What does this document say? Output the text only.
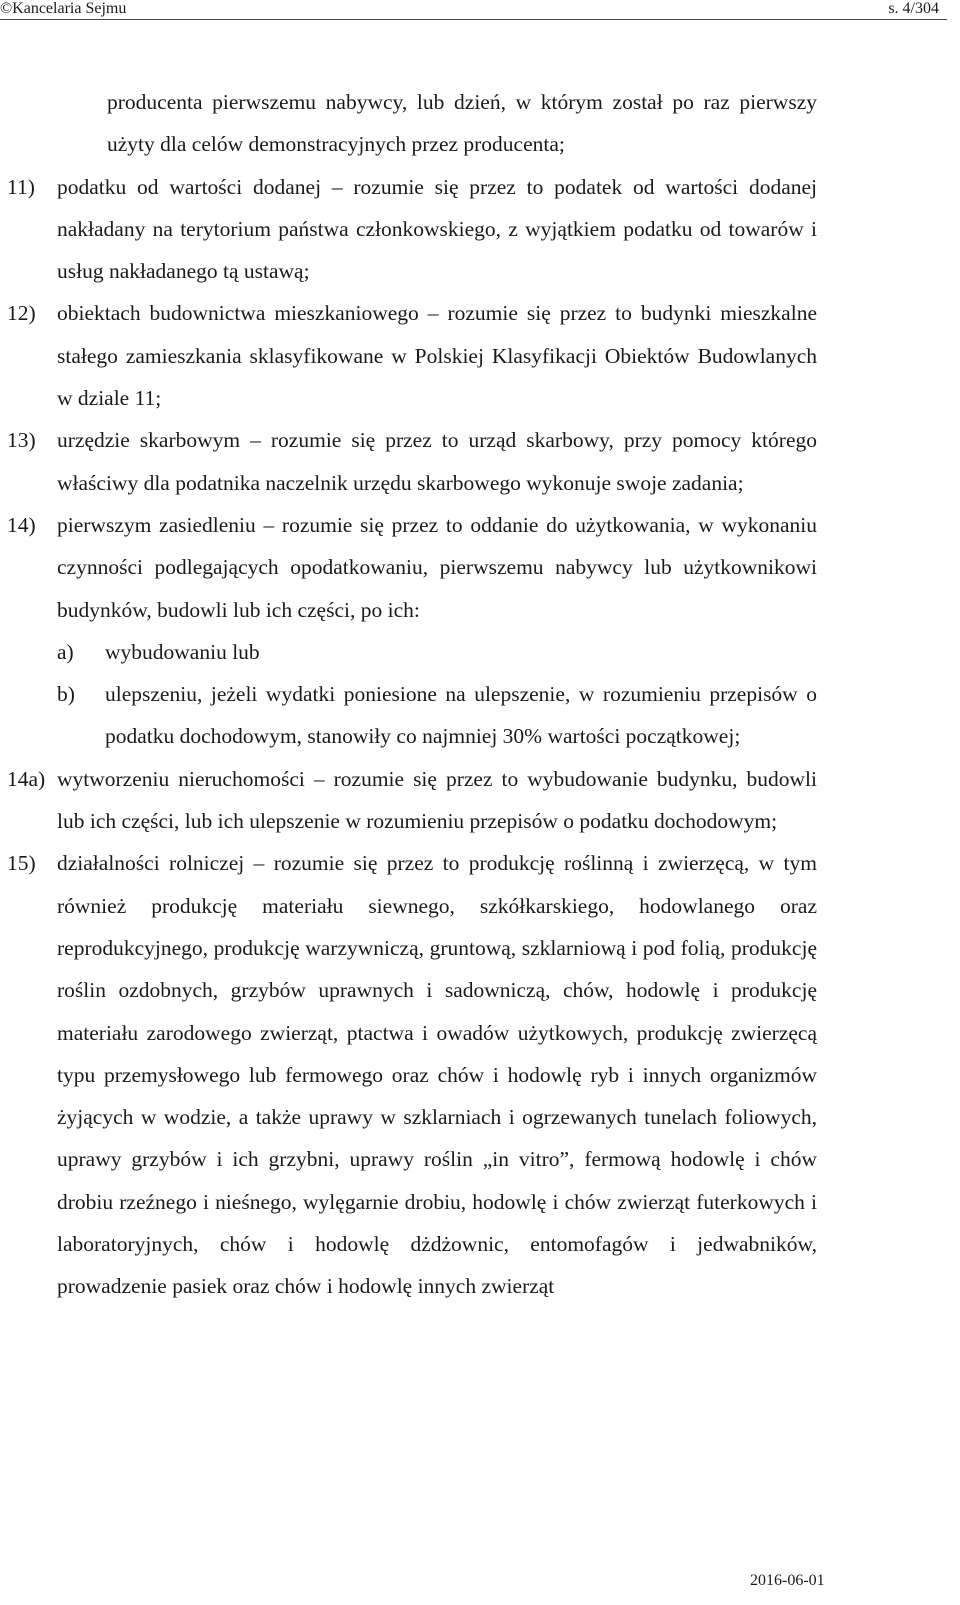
©Kancelaria Sejmu	s. 4/304
producenta pierwszemu nabywcy, lub dzień, w którym został po raz pierwszy użyty dla celów demonstracyjnych przez producenta;
11) podatku od wartości dodanej – rozumie się przez to podatek od wartości dodanej nakładany na terytorium państwa członkowskiego, z wyjątkiem podatku od towarów i usług nakładanego tą ustawą;
12) obiektach budownictwa mieszkaniowego – rozumie się przez to budynki mieszkalne stałego zamieszkania sklasyfikowane w Polskiej Klasyfikacji Obiektów Budowlanych w dziale 11;
13) urzędzie skarbowym – rozumie się przez to urząd skarbowy, przy pomocy którego właściwy dla podatnika naczelnik urzędu skarbowego wykonuje swoje zadania;
14) pierwszym zasiedleniu – rozumie się przez to oddanie do użytkowania, w wykonaniu czynności podlegających opodatkowaniu, pierwszemu nabywcy lub użytkownikowi budynków, budowli lub ich części, po ich:
a) wybudowaniu lub
b) ulepszeniu, jeżeli wydatki poniesione na ulepszenie, w rozumieniu przepisów o podatku dochodowym, stanowiły co najmniej 30% wartości początkowej;
14a) wytworzeniu nieruchomości – rozumie się przez to wybudowanie budynku, budowli lub ich części, lub ich ulepszenie w rozumieniu przepisów o podatku dochodowym;
15) działalności rolniczej – rozumie się przez to produkcję roślinną i zwierzęcą, w tym również produkcję materiału siewnego, szkółkarskiego, hodowlanego oraz reprodukcyjnego, produkcję warzywniczą, gruntową, szklarniową i pod folią, produkcję roślin ozdobnych, grzybów uprawnych i sadowniczą, chów, hodowlę i produkcję materiału zarodowego zwierząt, ptactwa i owadów użytkowych, produkcję zwierzęcą typu przemysłowego lub fermowego oraz chów i hodowlę ryb i innych organizmów żyjących w wodzie, a także uprawy w szklarniach i ogrzewanych tunelach foliowych, uprawy grzybów i ich grzybni, uprawy roślin „in vitro”, fermową hodowlę i chów drobiu rzeźnego i nieśnego, wylęgarnie drobiu, hodowlę i chów zwierząt futerkowych i laboratoryjnych, chów i hodowlę dżdżownic, entomofagów i jedwabników, prowadzenie pasiek oraz chów i hodowlę innych zwierząt
2016-06-01
